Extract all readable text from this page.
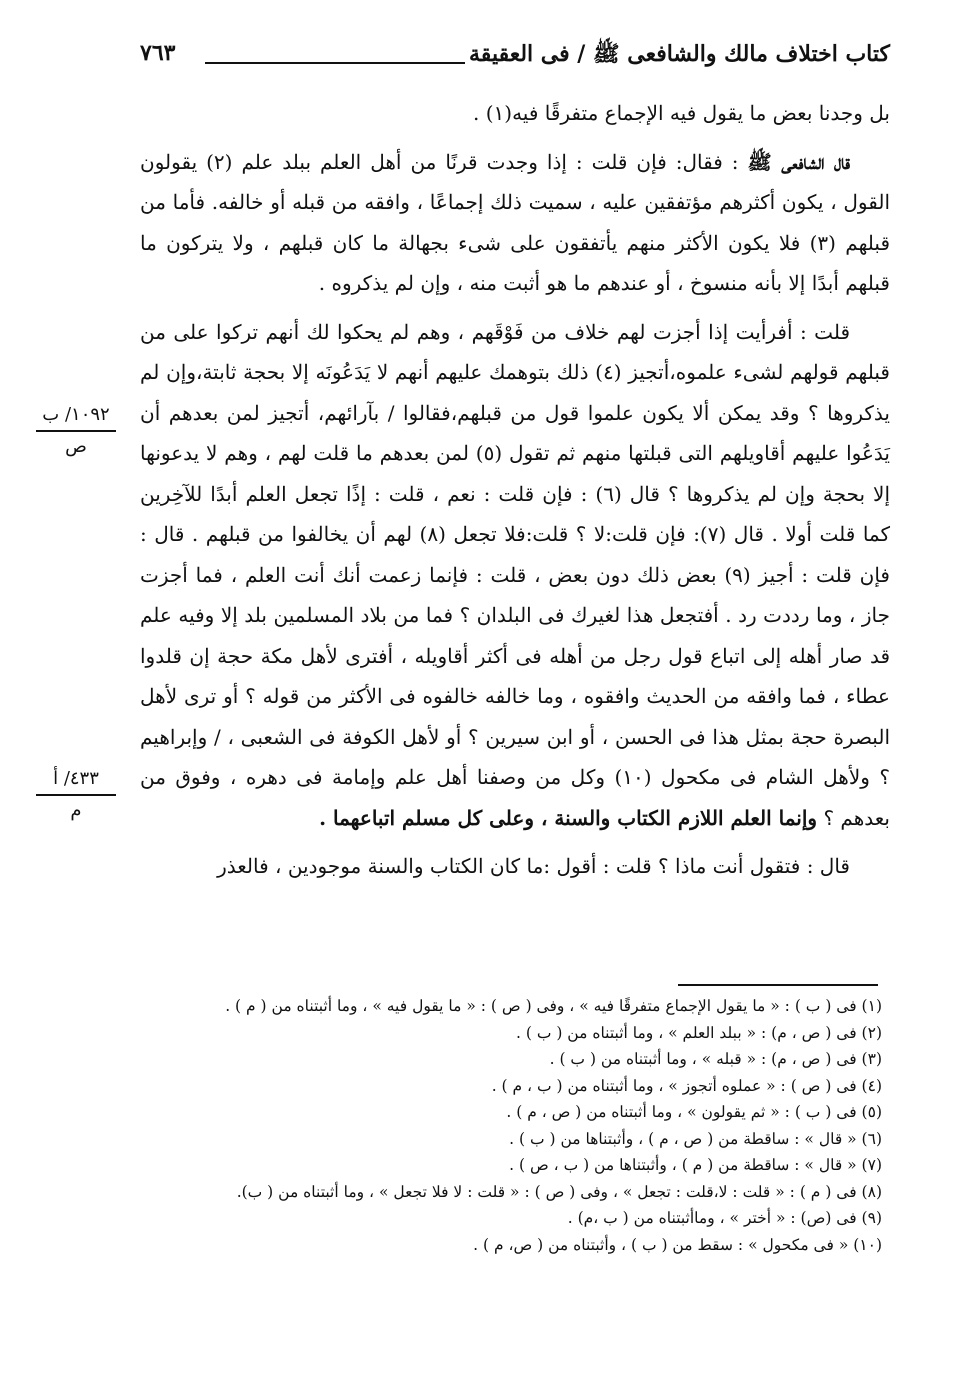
كتاب اختلاف مالك والشافعى ﷺ / فى العقيقة
٧٦٣

بل وجدنا بعض ما يقول فيه الإجماع متفرقًا فيه(١) .

قال الشافعى ﷺ : فقال: فإن قلت : إذا وجدت قرنًا من أهل العلم ببلد علم (٢) يقولون القول ، يكون أكثرهم مؤتفقين عليه ، سميت ذلك إجماعًا ، وافقه من قبله أو خالفه. فأما من قبلهم (٣) فلا يكون الأكثر منهم يأتفقون على شىء بجهالة ما كان قبلهم ، ولا يتركون ما قبلهم أبدًا إلا بأنه منسوخ ، أو عندهم ما هو أثبت منه ، وإن لم يذكروه .

قلت : أفرأيت إذا أجزت لهم خلاف من فَوْقَهم ، وهم لم يحكوا لك أنهم تركوا على من قبلهم قولهم لشىء علموه،أتجيز (٤) ذلك بتوهمك عليهم أنهم لا يَدَعُونَه إلا بحجة ثابتة،وإن لم يذكروها ؟ وقد يمكن ألا يكون علموا قول من قبلهم،فقالوا / بآرائهم، أتجيز لمن بعدهم أن يَدَعُوا عليهم أقاويلهم التى قبلتها منهم ثم تقول (٥) لمن بعدهم ما قلت لهم ، وهم لا يدعونها إلا بحجة وإن لم يذكروها ؟ قال (٦) : فإن قلت : نعم ، قلت : إذًا تجعل العلم أبدًا للآخِرين كما قلت أولا . قال (٧): فإن قلت:لا ؟ قلت:فلا تجعل (٨) لهم أن يخالفوا من قبلهم . قال : فإن قلت : أجيز (٩) بعض ذلك دون بعض ، قلت : فإنما زعمت أنك أنت العلم ، فما أجزت جاز ، وما رددت رد . أفتجعل هذا لغيرك فى البلدان ؟ فما من بلاد المسلمين بلد إلا وفيه علم قد صار أهله إلى اتباع قول رجل من أهله فى أكثر أقاويله ، أفترى لأهل مكة حجة إن قلدوا عطاء ، فما وافقه من الحديث وافقوه ، وما خالفه خالفوه فى الأكثر من قوله ؟ أو ترى لأهل البصرة حجة بمثل هذا فى الحسن ، أو ابن سيرين ؟ أو لأهل الكوفة فى الشعبى ، / وإبراهيم ؟ ولأهل الشام فى مكحول (١٠) وكل من وصفنا أهل علم وإمامة فى دهره ، وفوق من بعدهم ؟ وإنما العلم اللازم الكتاب والسنة ، وعلى كل مسلم اتباعهما .

قال : فتقول أنت ماذا ؟ قلت : أقول :ما كان الكتاب والسنة موجودين ، فالعذر

١٠٩٢/ ب
ص
٤٣٣/ أ
م
(١) فى ( ب ) : « ما يقول الإجماع متفرقًا فيه » ، وفى ( ص ) : « ما يقول فيه » ، وما أثبتناه من ( م ) .
(٢) فى ( ص ، م) : « ببلد العلم » ، وما أثبتناه من ( ب ) .
(٣) فى ( ص ، م) : « قبله » ، وما أثبتناه من ( ب ) .
(٤) فى ( ص ) : « عملوه أتجوز » ، وما أثبتناه من ( ب ، م ) .
(٥) فى ( ب ) : « ثم يقولون » ، وما أثبتناه من ( ص ، م ) .
(٦) « قال » : ساقطة من ( ص ، م ) ، وأثبتناها من ( ب ) .
(٧) « قال » : ساقطة من ( م ) ، وأثبتناها من ( ب ، ص ) .
(٨) فى ( م ) : « قلت : لا،قلت : تجعل » ، وفى ( ص ) : « قلت : لا فلا تجعل » ، وما أثبتناه من ( ب).
(٩) فى (ص) : « أختر » ، وماأثبتناه من ( ب ،م) .
(١٠) « فى مكحول » : سقط من ( ب ) ، وأثبتناه من ( ص، م ) .
